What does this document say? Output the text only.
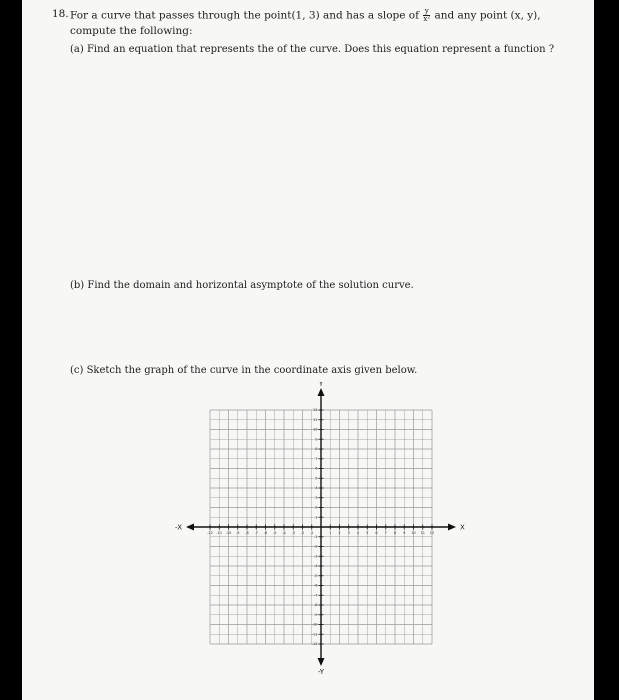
18. For a curve that passes through the point(1, 3) and has a slope of $\frac{y}{\text{x²}}$ and any point (x, y), compute the following:
(a) Find an equation that represents the of the curve. Does this equation represent a function ?
(b) Find the domain and horizontal asymptote of the solution curve.
(c) Sketch the graph of the curve in the coordinate axis given below.
-12 -11 -10 -9 -8 -7 -6 -5 -4 -3 -2 -1	1 2 3 4 5 6 7 8 9 10 11 12
12
11
10
9
8
7
6
5
4
3
2
1
-1
-2
-3
-4
-5
-6
-7
-8
-9
-10
-11
-12
X
-X
Y
-Y
